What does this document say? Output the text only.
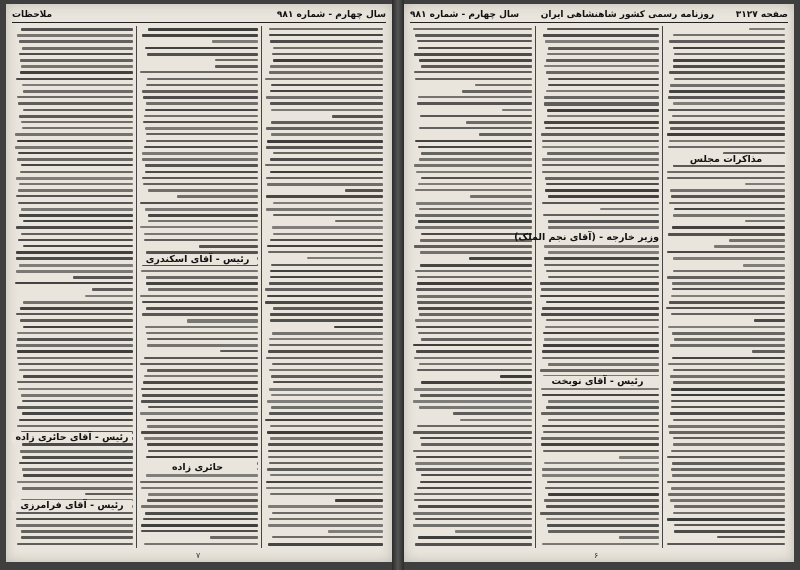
سال چهارم - شماره ۹۸۱
ملاحظات
رئیس - آقای حائری زاده
رئیس - آقای اسکندری
حائری زاده
رئیس - آقای فرامرزی
۷
صفحه ۳۱۲۷
روزنامه رسمی کشور شاهنشاهی ایران
سال چهارم - شماره ۹۸۱
وزیر خارجه - (آقای نجم الملک)
رئیس - آقای نوبخت
مذاکرات مجلس
۶
